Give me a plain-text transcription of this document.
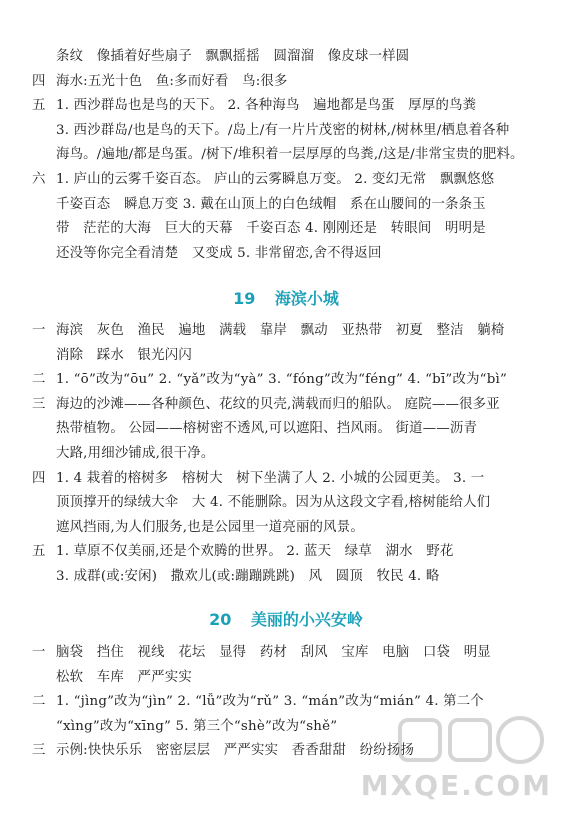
条纹　像插着好些扇子　飘飘摇摇　圆溜溜　像皮球一样圆
四 海水:五光十色　鱼:多而好看　鸟:很多
五 1. 西沙群岛也是鸟的天下。 2. 各种海鸟　遍地都是鸟蛋　厚厚的鸟粪
3. 西沙群岛/也是鸟的天下。/岛上/有一片片茂密的树林,/树林里/栖息着各种
海鸟。/遍地/都是鸟蛋。/树下/堆积着一层厚厚的鸟粪,/这是/非常宝贵的肥料。
六 1. 庐山的云雾千姿百态。 庐山的云雾瞬息万变。 2. 变幻无常　飘飘悠悠
千姿百态　瞬息万变 3. 戴在山顶上的白色绒帽　系在山腰间的一条条玉
带　茫茫的大海　巨大的天幕　千姿百态 4. 刚刚还是　转眼间　明明是
还没等你完全看清楚　又变成 5. 非常留恋,舍不得返回
19 海滨小城
一 海滨　灰色　渔民　遍地　满载　靠岸　飘动　亚热带　初夏　整洁　躺椅
消除　踩水　银光闪闪
二 1. “ō”改为“ōu” 2. “yǎ”改为“yà” 3. “fóng”改为“féng” 4. “bī”改为“bì”
三 海边的沙滩——各种颜色、花纹的贝壳,满载而归的船队。 庭院——很多亚
热带植物。 公园——榕树密不透风,可以遮阳、挡风雨。 街道——沥青
大路,用细沙铺成,很干净。
四 1. 4 栽着的榕树多　榕树大　树下坐满了人 2. 小城的公园更美。 3. 一
顶顶撑开的绿绒大伞　大 4. 不能删除。因为从这段文字看,榕树能给人们
遮风挡雨,为人们服务,也是公园里一道亮丽的风景。
五 1. 草原不仅美丽,还是个欢腾的世界。 2. 蓝天　绿草　湖水　野花
3. 成群(或:安闲)　撒欢儿(或:蹦蹦跳跳)　风　圆顶　牧民 4. 略
20 美丽的小兴安岭
一 脑袋　挡住　视线　花坛　显得　药材　刮风　宝库　电脑　口袋　明显
松软　车库　严严实实
二 1. “jìng”改为“jìn” 2. “lǚ”改为“rǔ” 3. “mán”改为“mián” 4. 第二个
“xìng”改为“xīng” 5. 第三个“shè”改为“shě”
三 示例:快快乐乐　密密层层　严严实实　香香甜甜　纷纷扬扬
MXQE.COM
